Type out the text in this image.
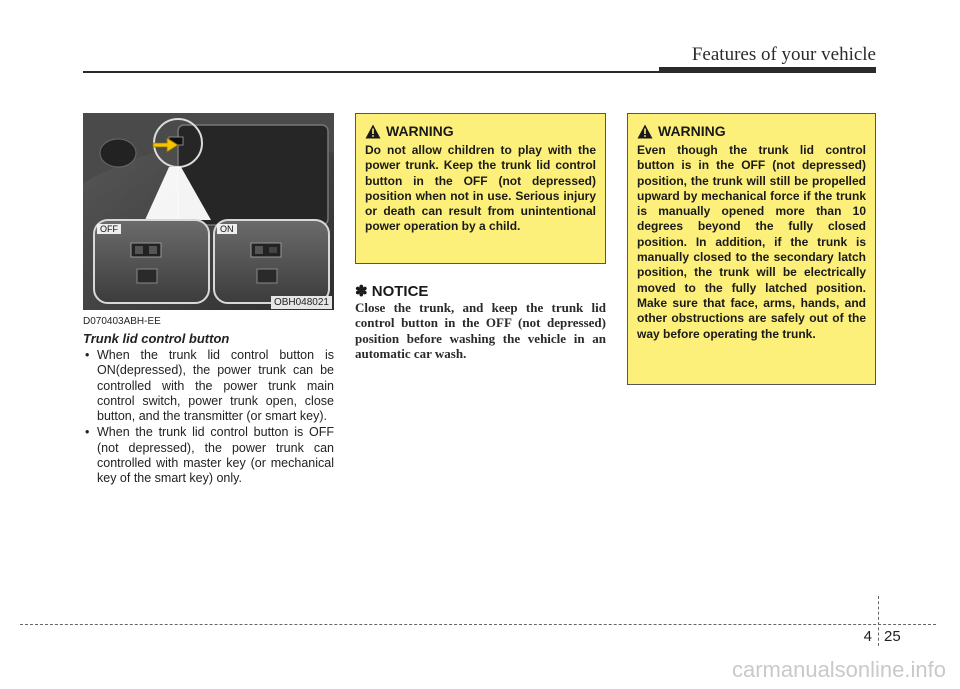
Features of your vehicle
OFF	ON
OBH048021
D070403ABH-EE
Trunk lid control button
• When the trunk lid control button is ON(depressed), the power trunk can be controlled with the power trunk main control switch, power trunk open, close button, and the transmitter (or smart key).
• When the trunk lid control button is OFF (not depressed), the power trunk can controlled with master key (or mechanical key of the smart key) only.
WARNING
Do not allow children to play with the power trunk. Keep the trunk lid control button in the OFF (not depressed) position when not in use. Serious injury or death can result from unintentional power operation by a child.
✽ NOTICE
Close the trunk, and keep the trunk lid control button in the OFF (not depressed) position before washing the vehicle in an automatic car wash.
WARNING
Even though the trunk lid control button is in the OFF (not depressed) position, the trunk will still be propelled upward by mechanical force if the trunk is manually opened more than 10 degrees beyond the fully closed position. In addition, if the trunk is manually closed to the secondary latch position, the trunk will be electrically moved to the fully latched position. Make sure that face, arms, hands, and other obstructions are safely out of the way before operating the trunk.
4 25
carmanualsonline.info
